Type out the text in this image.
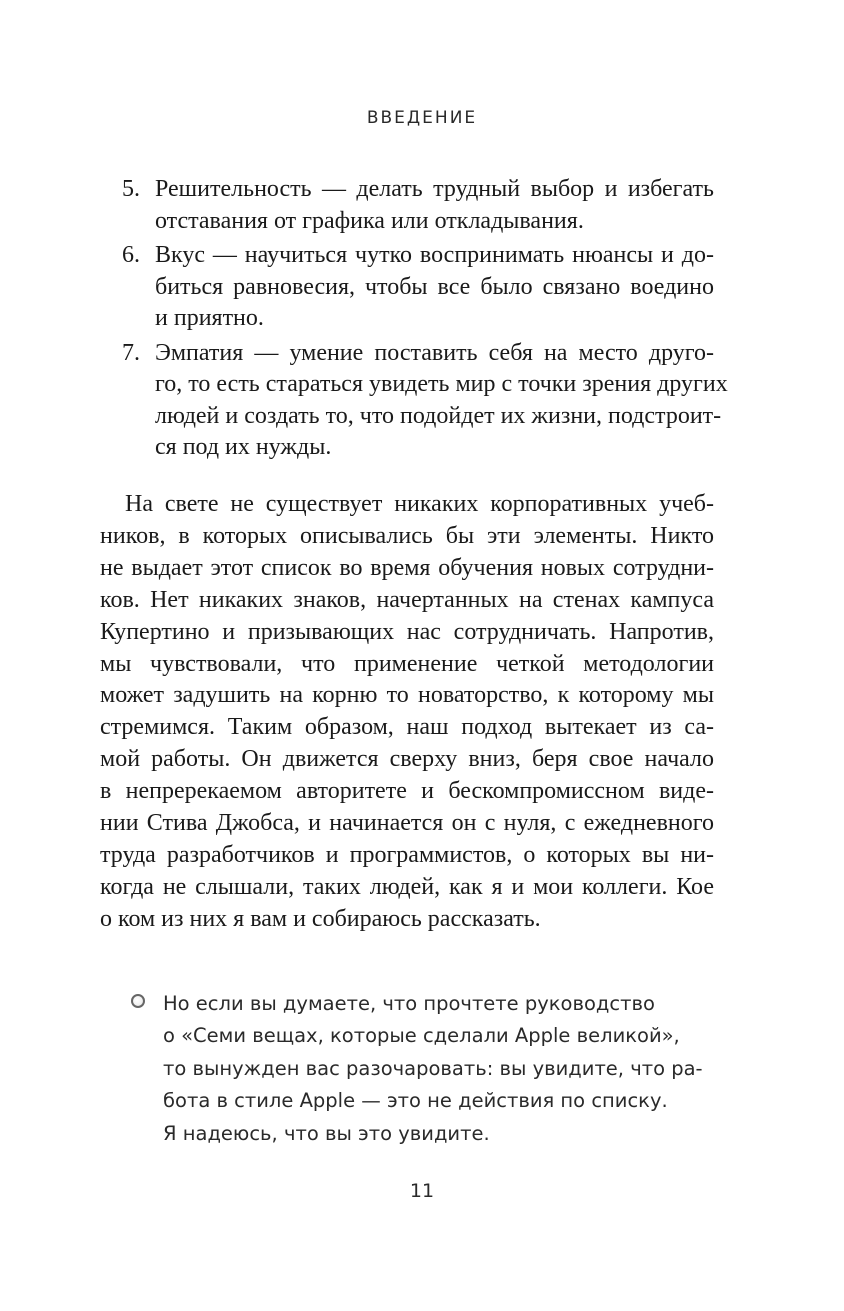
ВВЕДЕНИЕ
5. Решительность — делать трудный выбор и избегать
отставания от графика или откладывания.
6. Вкус — научиться чутко воспринимать нюансы и до-
биться равновесия, чтобы все было связано воедино
и приятно.
7. Эмпатия — умение поставить себя на место друго-
го, то есть стараться увидеть мир с точки зрения других
людей и создать то, что подойдет их жизни, подстроит-
ся под их нужды.
На свете не существует никаких корпоративных учеб-
ников, в которых описывались бы эти элементы. Никто
не выдает этот список во время обучения новых сотрудни-
ков. Нет никаких знаков, начертанных на стенах кампуса
Купертино и призывающих нас сотрудничать. Напротив,
мы чувствовали, что применение четкой методологии
может задушить на корню то новаторство, к которому мы
стремимся. Таким образом, наш подход вытекает из са-
мой работы. Он движется сверху вниз, беря свое начало
в непререкаемом авторитете и бескомпромиссном виде-
нии Стива Джобса, и начинается он с нуля, с ежедневного
труда разработчиков и программистов, о которых вы ни-
когда не слышали, таких людей, как я и мои коллеги. Кое
о ком из них я вам и собираюсь рассказать.
Но если вы думаете, что прочтете руководство
о «Семи вещах, которые сделали Apple великой»,
то вынужден вас разочаровать: вы увидите, что ра-
бота в стиле Apple — это не действия по списку.
Я надеюсь, что вы это увидите.
11
